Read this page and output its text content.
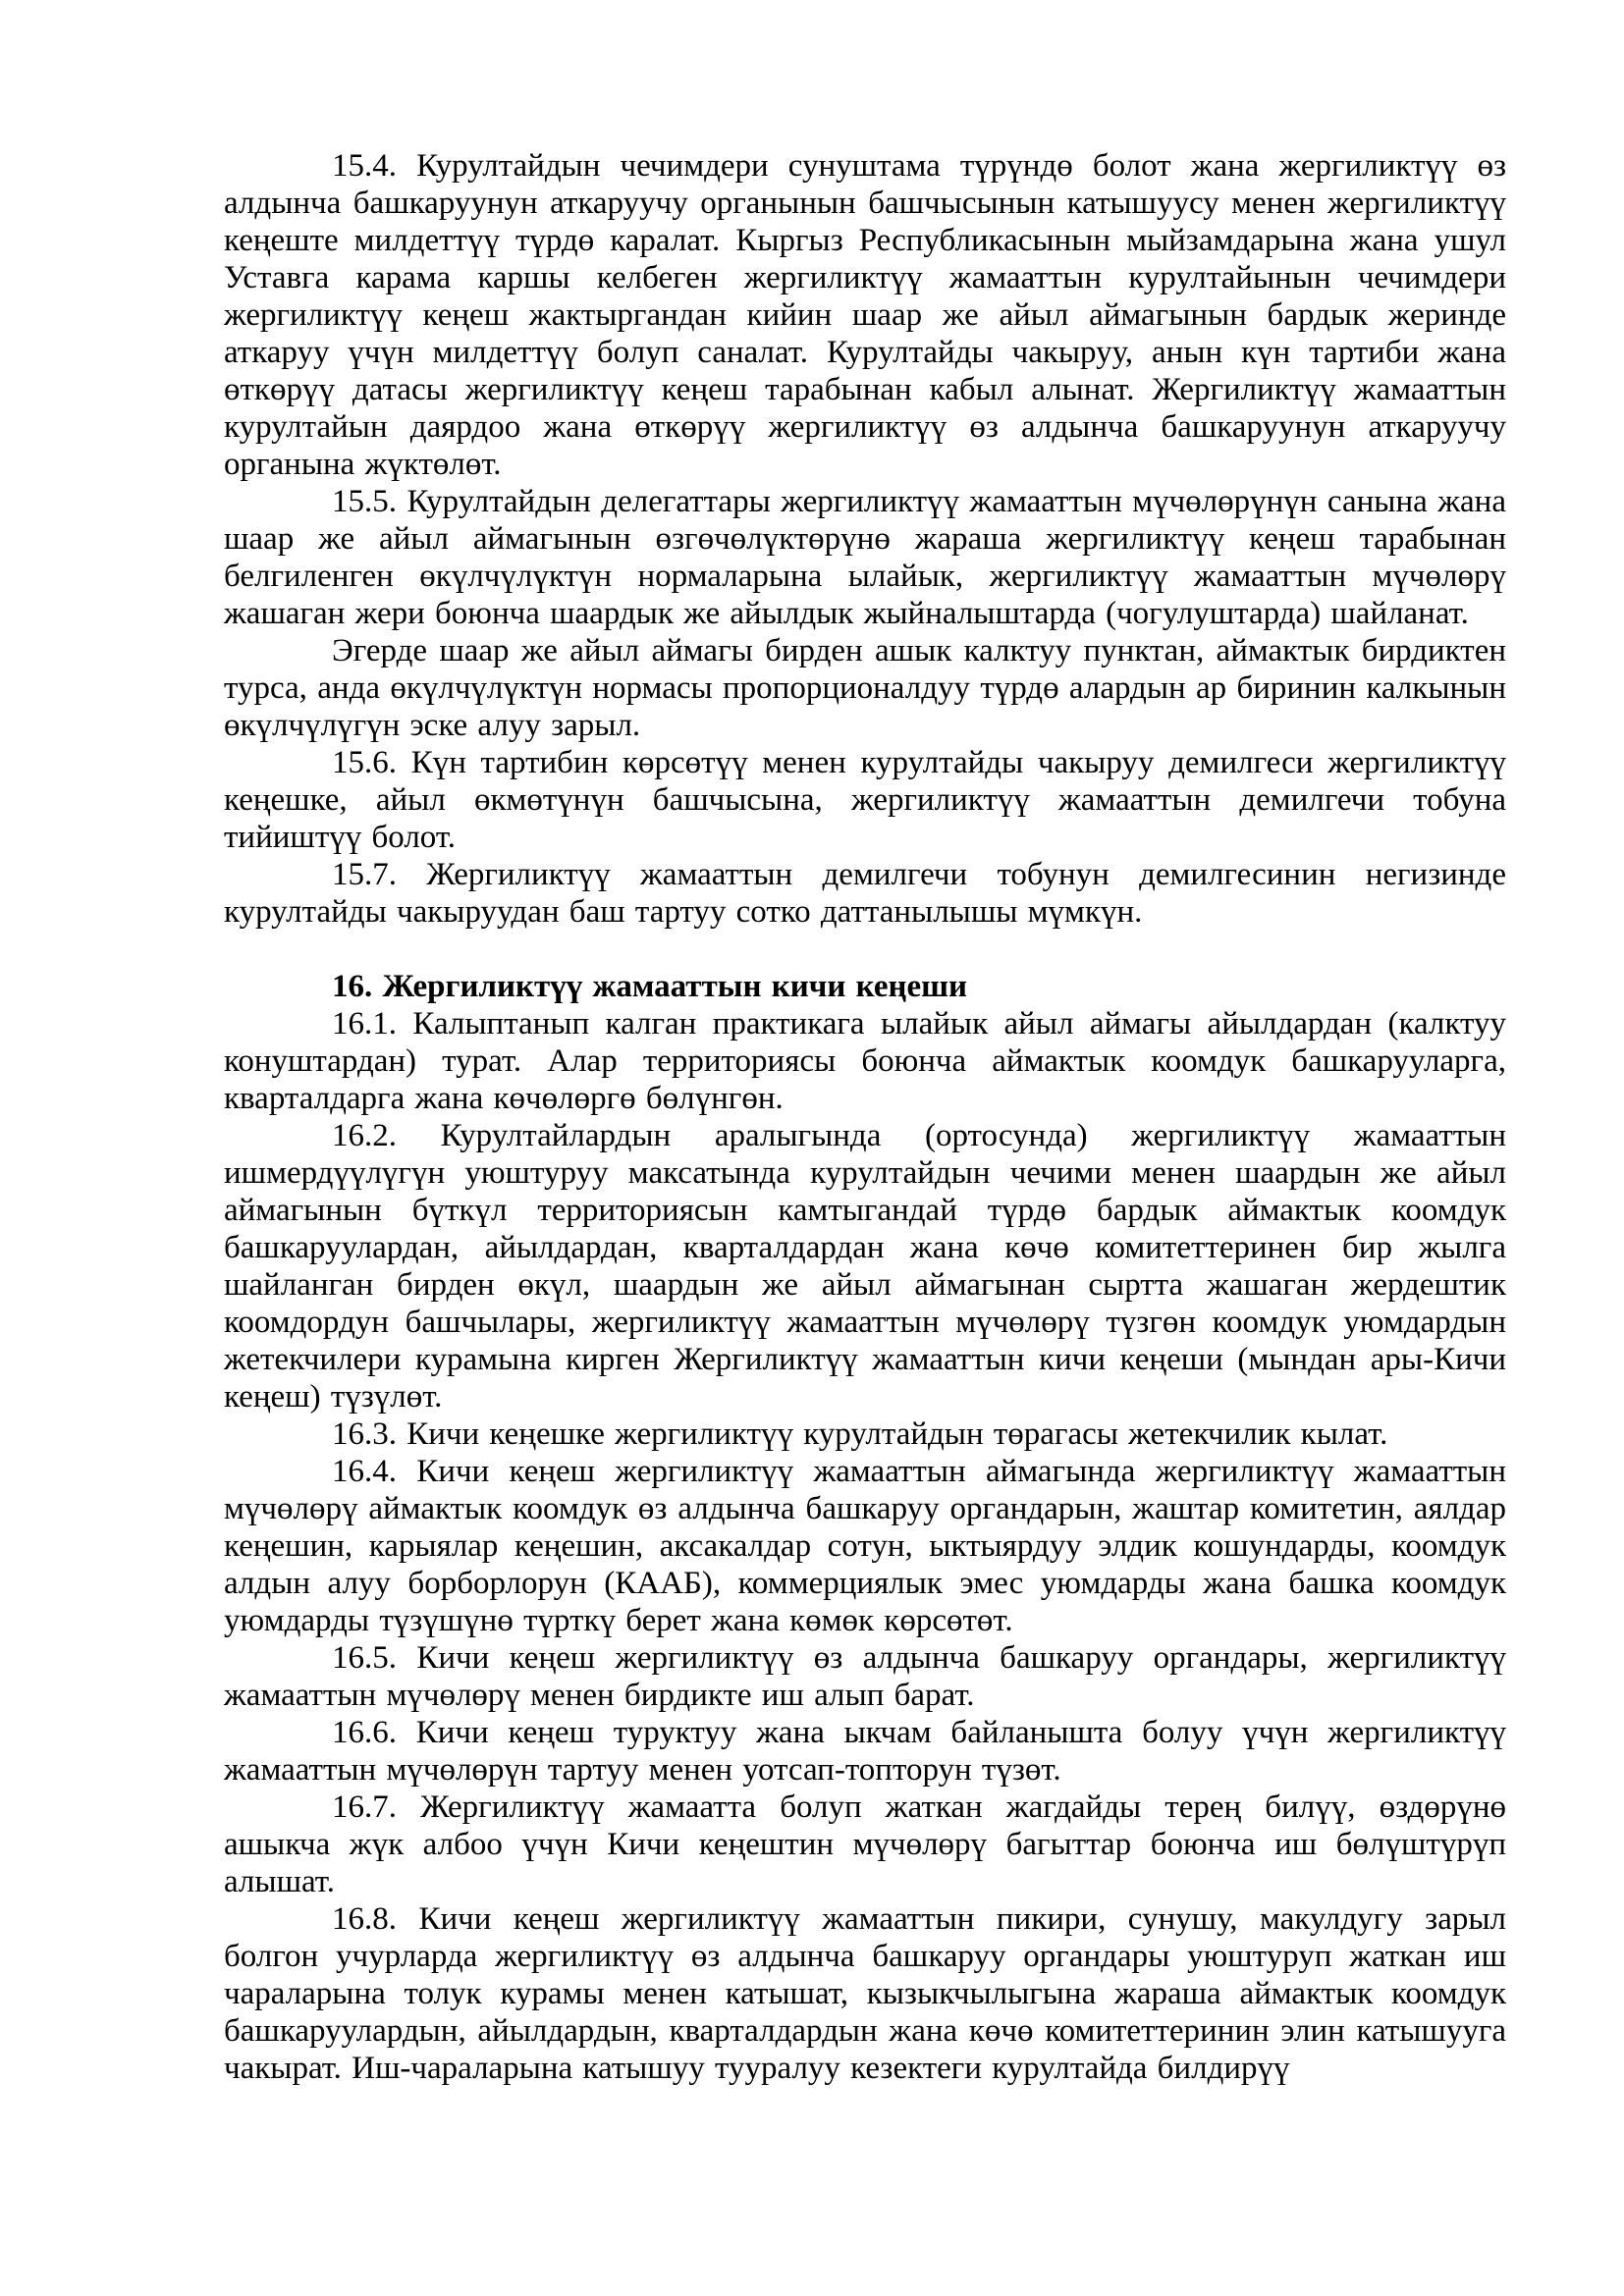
15.4. Курултайдын чечимдери сунуштама түрүндө болот жана жергиликтүү өз алдынча башкаруунун аткаруучу органынын башчысынын катышуусу менен жергиликтүү кеңеште милдеттүү түрдө каралат. Кыргыз Республикасынын мыйзамдарына жана ушул Уставга карама каршы келбеген жергиликтүү жамааттын курултайынын чечимдери жергиликтүү кеңеш жактыргандан кийин шаар же айыл аймагынын бардык жеринде аткаруу үчүн милдеттүү болуп саналат. Курултайды чакыруу, анын күн тартиби жана өткөрүү датасы жергиликтүү кеңеш тарабынан кабыл алынат. Жергиликтүү жамааттын курултайын даярдоо жана өткөрүү жергиликтүү өз алдынча башкаруунун аткаруучу органына жүктөлөт.

15.5. Курултайдын делегаттары жергиликтүү жамааттын мүчөлөрүнүн санына жана шаар же айыл аймагынын өзгөчөлүктөрүнө жараша жергиликтүү кеңеш тарабынан белгиленген өкүлчүлүктүн нормаларына ылайык, жергиликтүү жамааттын мүчөлөрү жашаган жери боюнча шаардык же айылдык жыйналыштарда (чогулуштарда) шайланат.

Эгерде шаар же айыл аймагы бирден ашык калктуу пунктан, аймактык бирдиктен турса, анда өкүлчүлүктүн нормасы пропорционалдуу түрдө алардын ар биринин калкынын өкүлчүлүгүн эске алуу зарыл.

15.6. Күн тартибин көрсөтүү менен курултайды чакыруу демилгеси жергиликтүү кеңешке, айыл өкмөтүнүн башчысына, жергиликтүү жамааттын демилгечи тобуна тийиштүү болот.

15.7. Жергиликтүү жамааттын демилгечи тобунун демилгесинин негизинде курултайды чакыруудан баш тартуу сотко даттанылышы мүмкүн.

16. Жергиликтүү жамааттын кичи кеңеши

16.1. Калыптанып калган практикага ылайык айыл аймагы айылдардан (калктуу конуштардан) турат. Алар территориясы боюнча аймактык коомдук башкарууларга, кварталдарга жана көчөлөргө бөлүнгөн.

16.2. Курултайлардын аралыгында (ортосунда) жергиликтүү жамааттын ишмердүүлүгүн уюштуруу максатында курултайдын чечими менен шаардын же айыл аймагынын бүткүл территориясын камтыгандай түрдө бардык аймактык коомдук башкаруулардан, айылдардан, кварталдардан жана көчө комитеттеринен бир жылга шайланган бирден өкүл, шаардын же айыл аймагынан сыртта жашаган жердештик коомдордун башчылары, жергиликтүү жамааттын мүчөлөрү түзгөн коомдук уюмдардын жетекчилери курамына кирген Жергиликтүү жамааттын кичи кеңеши (мындан ары-Кичи кеңеш) түзүлөт.

16.3. Кичи кеңешке жергиликтүү курултайдын төрагасы жетекчилик кылат.

16.4. Кичи кеңеш жергиликтүү жамааттын аймагында жергиликтүү жамааттын мүчөлөрү аймактык коомдук өз алдынча башкаруу органдарын, жаштар комитетин, аялдар кеңешин, карыялар кеңешин, аксакалдар сотун, ыктыярдуу элдик кошундарды, коомдук алдын алуу борборлорун (КААБ), коммерциялык эмес уюмдарды жана башка коомдук уюмдарды түзүшүнө түрткү берет жана көмөк көрсөтөт.

16.5. Кичи кеңеш жергиликтүү өз алдынча башкаруу органдары, жергиликтүү жамааттын мүчөлөрү менен бирдикте иш алып барат.

16.6. Кичи кеңеш туруктуу жана ыкчам байланышта болуу үчүн жергиликтүү жамааттын мүчөлөрүн тартуу менен уотсап-топторун түзөт.

16.7. Жергиликтүү жамаатта болуп жаткан жагдайды терең билүү, өздөрүнө ашыкча жүк албоо үчүн Кичи кеңештин мүчөлөрү багыттар боюнча иш бөлүштүрүп алышат.

16.8. Кичи кеңеш жергиликтүү жамааттын пикири, сунушу, макулдугу зарыл болгон учурларда жергиликтүү өз алдынча башкаруу органдары уюштуруп жаткан иш чараларына толук курамы менен катышат, кызыкчылыгына жараша аймактык коомдук башкаруулардын, айылдардын, кварталдардын жана көчө комитеттеринин элин катышууга чакырат. Иш-чараларына катышуу тууралуу кезектеги курултайда билдирүү
